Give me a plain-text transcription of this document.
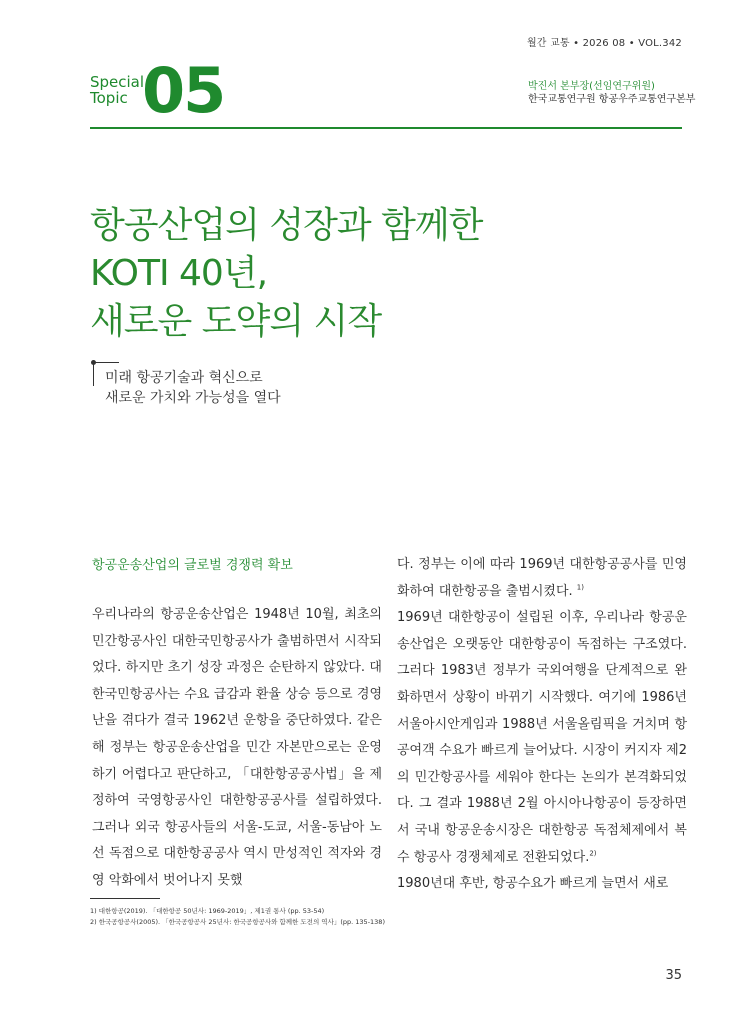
월간 교통 • 2026 08 • VOL.342
Special
Topic 05	박진서 본부장(선임연구위원)
한국교통연구원 항공우주교통연구본부
항공산업의 성장과 함께한
KOTI 40년,
새로운 도약의 시작
미래 항공기술과 혁신으로
새로운 가치와 가능성을 열다

항공운송산업의 글로벌 경쟁력 확보

우리나라의 항공운송산업은 1948년 10월, 최초의 민간항공사인 대한국민항공사가 출범하면서 시작되었다. 하지만 초기 성장 과정은 순탄하지 않았다. 대한국민항공사는 수요 급감과 환율 상승 등으로 경영난을 겪다가 결국 1962년 운항을 중단하였다. 같은 해 정부는 항공운송산업을 민간 자본만으로는 운영하기 어렵다고 판단하고, 「대한항공공사법」을 제정하여 국영항공사인 대한항공공사를 설립하였다. 그러나 외국 항공사들의 서울-도쿄, 서울-동남아 노선 독점으로 대한항공공사 역시 만성적인 적자와 경영 악화에서 벗어나지 못했

다. 정부는 이에 따라 1969년 대한항공공사를 민영화하여 대한항공을 출범시켰다. $^{1)}$

1969년 대한항공이 설립된 이후, 우리나라 항공운송산업은 오랫동안 대한항공이 독점하는 구조였다. 그러다 1983년 정부가 국외여행을 단계적으로 완화하면서 상황이 바뀌기 시작했다. 여기에 1986년 서울아시안게임과 1988년 서울올림픽을 거치며 항공여객 수요가 빠르게 늘어났다. 시장이 커지자 제2의 민간항공사를 세워야 한다는 논의가 본격화되었다. 그 결과 1988년 2월 아시아나항공이 등장하면서 국내 항공운송시장은 대한항공 독점체제에서 복수 항공사 경쟁체제로 전환되었다.$^{2)}$

1980년대 후반, 항공수요가 빠르게 늘면서 새로

1) 대한항공(2019). 「대한항공 50년사: 1969-2019」, 제1권 통사 (pp. 53-54)
2) 한국공항공사(2005). 「한국공항공사 25년사: 한국공항공사와 함께한 도전의 역사」(pp. 135-138)
35
